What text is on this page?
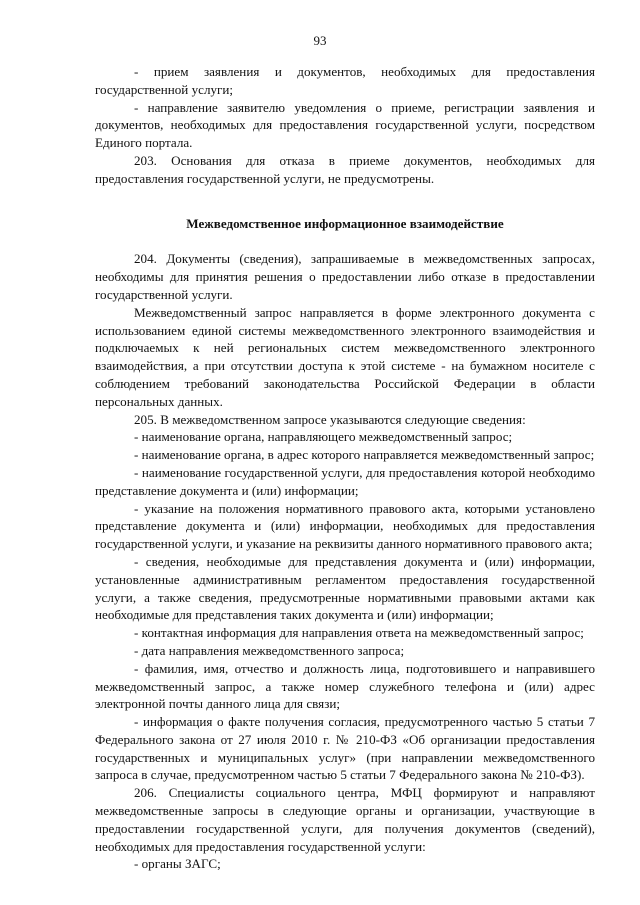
93

- прием заявления и документов, необходимых для предоставления государственной услуги;

- направление заявителю уведомления о приеме, регистрации заявления и документов, необходимых для предоставления государственной услуги, посредством Единого портала.

203. Основания для отказа в приеме документов, необходимых для предоставления государственной услуги, не предусмотрены.

Межведомственное информационное взаимодействие

204. Документы (сведения), запрашиваемые в межведомственных запросах, необходимы для принятия решения о предоставлении либо отказе в предоставлении государственной услуги.

Межведомственный запрос направляется в форме электронного документа с использованием единой системы межведомственного электронного взаимодействия и подключаемых к ней региональных систем межведомственного электронного взаимодействия, а при отсутствии доступа к этой системе - на бумажном носителе с соблюдением требований законодательства Российской Федерации в области персональных данных.

205. В межведомственном запросе указываются следующие сведения:

- наименование органа, направляющего межведомственный запрос;

- наименование органа, в адрес которого направляется межведомственный запрос;

- наименование государственной услуги, для предоставления которой необходимо представление документа и (или) информации;

- указание на положения нормативного правового акта, которыми установлено представление документа и (или) информации, необходимых для предоставления государственной услуги, и указание на реквизиты данного нормативного правового акта;

- сведения, необходимые для представления документа и (или) информации, установленные административным регламентом предоставления государственной услуги, а также сведения, предусмотренные нормативными правовыми актами как необходимые для представления таких документа и (или) информации;

- контактная информация для направления ответа на межведомственный запрос;

- дата направления межведомственного запроса;

- фамилия, имя, отчество и должность лица, подготовившего и направившего межведомственный запрос, а также номер служебного телефона и (или) адрес электронной почты данного лица для связи;

- информация о факте получения согласия, предусмотренного частью 5 статьи 7 Федерального закона от 27 июля 2010 г. № 210-ФЗ «Об организации предоставления государственных и муниципальных услуг» (при направлении межведомственного запроса в случае, предусмотренном частью 5 статьи 7 Федерального закона № 210-ФЗ).

206. Специалисты социального центра, МФЦ формируют и направляют межведомственные запросы в следующие органы и организации, участвующие в предоставлении государственной услуги, для получения документов (сведений), необходимых для предоставления государственной услуги:

- органы ЗАГС;
